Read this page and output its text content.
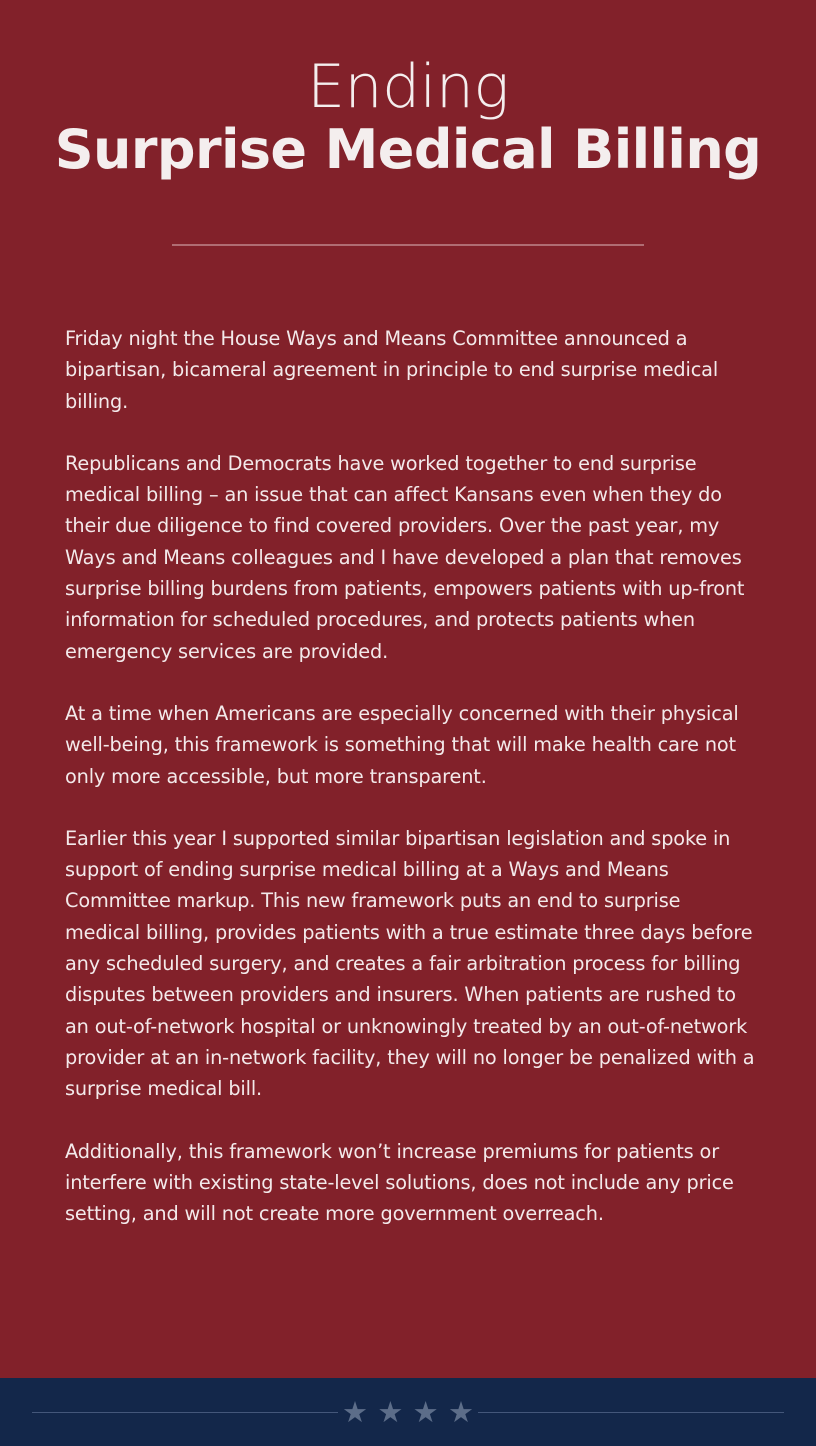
Ending
Surprise Medical Billing

Friday night the House Ways and Means Committee announced a bipartisan, bicameral agreement in principle to end surprise medical billing.

Republicans and Democrats have worked together to end surprise medical billing – an issue that can affect Kansans even when they do their due diligence to find covered providers. Over the past year, my Ways and Means colleagues and I have developed a plan that removes surprise billing burdens from patients, empowers patients with up-front information for scheduled procedures, and protects patients when emergency services are provided.

At a time when Americans are especially concerned with their physical well-being, this framework is something that will make health care not only more accessible, but more transparent.

Earlier this year I supported similar bipartisan legislation and spoke in support of ending surprise medical billing at a Ways and Means Committee markup. This new framework puts an end to surprise medical billing, provides patients with a true estimate three days before any scheduled surgery, and creates a fair arbitration process for billing disputes between providers and insurers. When patients are rushed to an out-of-network hospital or unknowingly treated by an out-of-network provider at an in-network facility, they will no longer be penalized with a surprise medical bill.

Additionally, this framework won’t increase premiums for patients or interfere with existing state-level solutions, does not include any price setting, and will not create more government overreach.

★ ★ ★ ★
